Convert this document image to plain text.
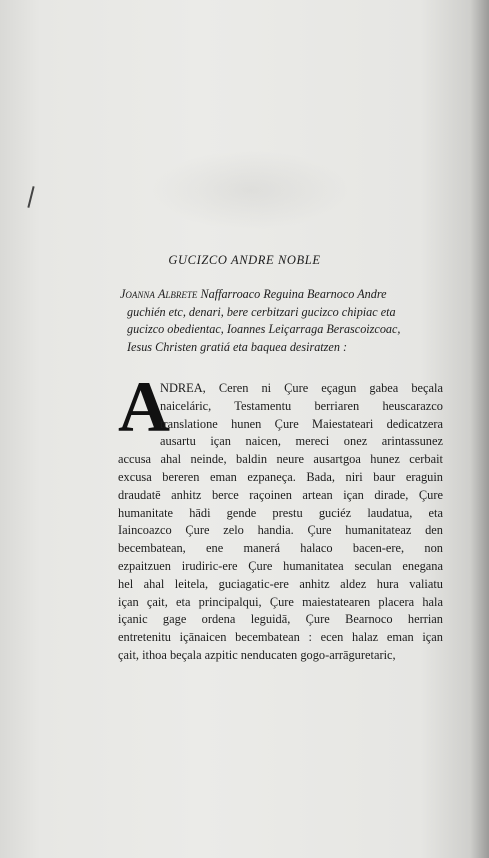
GUCIZCO ANDRE NOBLE
Joanna Albrete Naffarroaco Reguina Bearnoco Andre
guchién etc, denari, bere cerbitzari gucizco chipiac eta
gucizco obedientac, Ioannes Leiçarraga Berascoizcoac,
Iesus Christen gratiá eta baquea desiratzen :
A
NDREA, Ceren ni Çure eçagun gabea beçala
naiceláric, Testamentu berriaren heuscarazco
translatione hunen Çure Maiestateari dedicatzera
ausartu içan naicen, mereci onez arintassunez
accusa ahal neinde, baldin neure ausartgoa hunez cerbait
excusa bereren eman ezpaneça. Bada, niri baur eraguin
draudatē anhitz berce raçoinen artean içan dirade, Çure
humanitate hādi gende prestu guciéz laudatua, eta
Iaincoazco Çure zelo handia. Çure humanitateaz den
becembatean, ene manerá halaco bacen-ere, non
ezpaitzuen irudiric-ere Çure humanitatea seculan enegana
hel ahal leitela, guciagatic-ere anhitz aldez hura valiatu
içan çait, eta principalqui, Çure maiestatearen placera hala
içanic gage ordena leguidā, Çure Bearnoco herrian
entretenitu içānaicen becembatean : ecen halaz eman içan
çait, ithoa beçala azpitic nenducaten gogo-arrāguretaric,
